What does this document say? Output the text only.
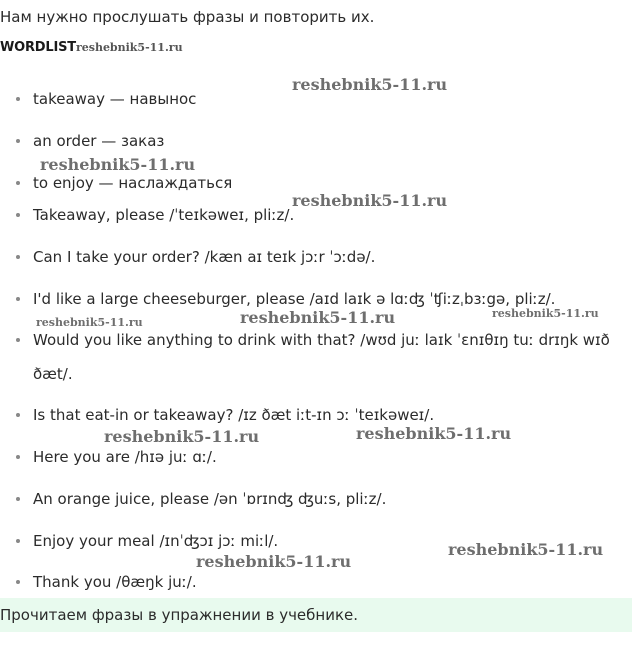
Нам нужно прослушать фразы и повторить их.
WORDLISTreshebnik5-11.ru
takeaway — навынос
an order — заказ
to enjoy — наслаждаться
Takeaway, please /ˈteɪkəweɪ, pliːz/.
Can I take your order? /kæn aɪ teɪk jɔːr ˈɔːdə/.
I'd like a large cheeseburger, please /aɪd laɪk ə lɑːʤ ˈʧiːzˌbɜːgə, pliːz/.
Would you like anything to drink with that? /wʊd juː laɪk ˈɛnɪθɪŋ tuː drɪŋk wɪð ðæt/.
Is that eat-in or takeaway? /ɪz ðæt iːt-ɪn ɔː ˈteɪkəweɪ/.
Here you are /hɪə juː ɑː/.
An orange juice, please /ən ˈɒrɪnʤ ʤuːs, pliːz/.
Enjoy your meal /ɪnˈʤɔɪ jɔː miːl/.
Thank you /θæŋk juː/.
Прочитаем фразы в упражнении в учебнике.
reshebnik5-11.ru
reshebnik5-11.ru
reshebnik5-11.ru
reshebnik5-11.ru	reshebnik5-11.ru	reshebnik5-11.ru
reshebnik5-11.ru	reshebnik5-11.ru
reshebnik5-11.ru
reshebnik5-11.ru
